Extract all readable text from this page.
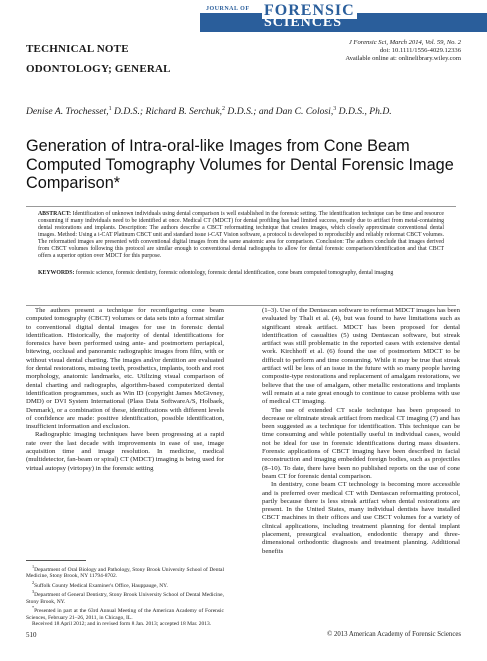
JOURNAL OF FORENSIC
SCIENCES
TECHNICAL NOTE
ODONTOLOGY; GENERAL
J Forensic Sci, March 2014, Vol. 59, No. 2
doi: 10.1111/1556-4029.12336
Available online at: onlinelibrary.wiley.com
Denise A. Trochesset,$^1$ D.D.S.; Richard B. Serchuk,$^2$ D.D.S.; and Dan C. Colosi,$^3$ D.D.S., Ph.D.
Generation of Intra-oral-like Images from Cone Beam Computed Tomography Volumes for Dental Forensic Image Comparison*
ABSTRACT: Identification of unknown individuals using dental comparison is well established in the forensic setting. The identification technique can be time and resource consuming if many individuals need to be identified at once. Medical CT (MDCT) for dental profiling has had limited success, mostly due to artifact from metal-containing dental restorations and implants. Description: The authors describe a CBCT reformatting technique that creates images, which closely approximate conventional dental images. Method: Using a i-CAT Platinum CBCT unit and standard issue i-CAT Vision software, a protocol is developed to reproducibly and reliably reformat CBCT volumes. The reformatted images are presented with conventional digital images from the same anatomic area for comparison. Conclusion: The authors conclude that images derived from CBCT volumes following this protocol are similar enough to conventional dental radiographs to allow for dental forensic comparison/identification and that CBCT offers a superior option over MDCT for this purpose.
KEYWORDS: forensic science, forensic dentistry, forensic odontology, forensic dental identification, cone beam computed tomography, dental imaging

The authors present a technique for reconfiguring cone beam computed tomography (CBCT) volumes or data sets into a format similar to conventional digital dental images for use in forensic dental identification. Historically, the majority of dental identifications for forensics have been performed using ante- and postmortem periapical, bitewing, occlusal and panoramic radiographic images from film, with or without visual dental charting. The images and/or dentition are evaluated for dental restorations, missing teeth, prosthetics, implants, tooth and root morphology, anatomic landmarks, etc. Utilizing visual comparison of dental charting and radiographs, algorithm-based computerized dental identification programmes, such as Win ID (copyright James McGivney, DMD) or DVI System International (Plass Data SoftwareA/S, Holbaek, Denmark), or a combination of these, identifications with different levels of confidence are made: positive identification, possible identification, insufficient information and exclusion.

Radiographic imaging techniques have been progressing at a rapid rate over the last decade with improvements in ease of use, image acquisition time and image resolution. In medicine, medical (multidetector, fan-beam or spiral) CT (MDCT) imaging is being used for virtual autopsy (virtopsy) in the forensic setting

(1–3). Use of the Dentascan software to reformat MDCT images has been evaluated by Thali et al. (4), but was found to have limitations such as significant streak artifact. MDCT has been proposed for dental identification of casualties (5) using Dentascan software, but streak artifact was still problematic in the reported cases with extensive dental work. Kirchhoff et al. (6) found the use of postmortem MDCT to be difficult to perform and time consuming. While it may be true that streak artifact will be less of an issue in the future with so many people having composite-type restorations and replacement of amalgam restorations, we believe that the use of amalgam, other metallic restorations and implants will remain at a rate great enough to continue to cause problems with use of medical CT imaging.

The use of extended CT scale technique has been proposed to decrease or eliminate streak artifact from medical CT imaging (7) and has been suggested as a technique for identification. This technique can be time consuming and while potentially useful in individual cases, would not be ideal for use in forensic identifications during mass disasters. Forensic applications of CBCT imaging have been described in facial reconstruction and imaging embedded foreign bodies, such as projectiles (8–10). To date, there have been no published reports on the use of cone beam CT for forensic dental comparison.

In dentistry, cone beam CT technology is becoming more accessible and is preferred over medical CT with Dentascan reformatting protocol, partly because there is less streak artifact when dental restorations are present. In the United States, many individual dentists have installed CBCT machines in their offices and use CBCT volumes for a variety of clinical applications, including treatment planning for dental implant placement, presurgical evaluation, endodontic therapy and three-dimensional orthodontic diagnosis and treatment planning. Additional benefits

$^1$Department of Oral Biology and Pathology, Stony Brook University School of Dental Medicine, Stony Brook, NY 11794-8702.

$^2$Suffolk County Medical Examiner's Office, Hauppauge, NY.

$^3$Department of General Dentistry, Stony Brook University School of Dental Medicine, Stony Brook, NY.

*Presented in part at the 63rd Annual Meeting of the American Academy of Forensic Sciences, February 21–26, 2011, in Chicago, IL.

Received 18 April 2012; and in revised form 8 Jan. 2013; accepted 18 Mar. 2013.

510	© 2013 American Academy of Forensic Sciences
